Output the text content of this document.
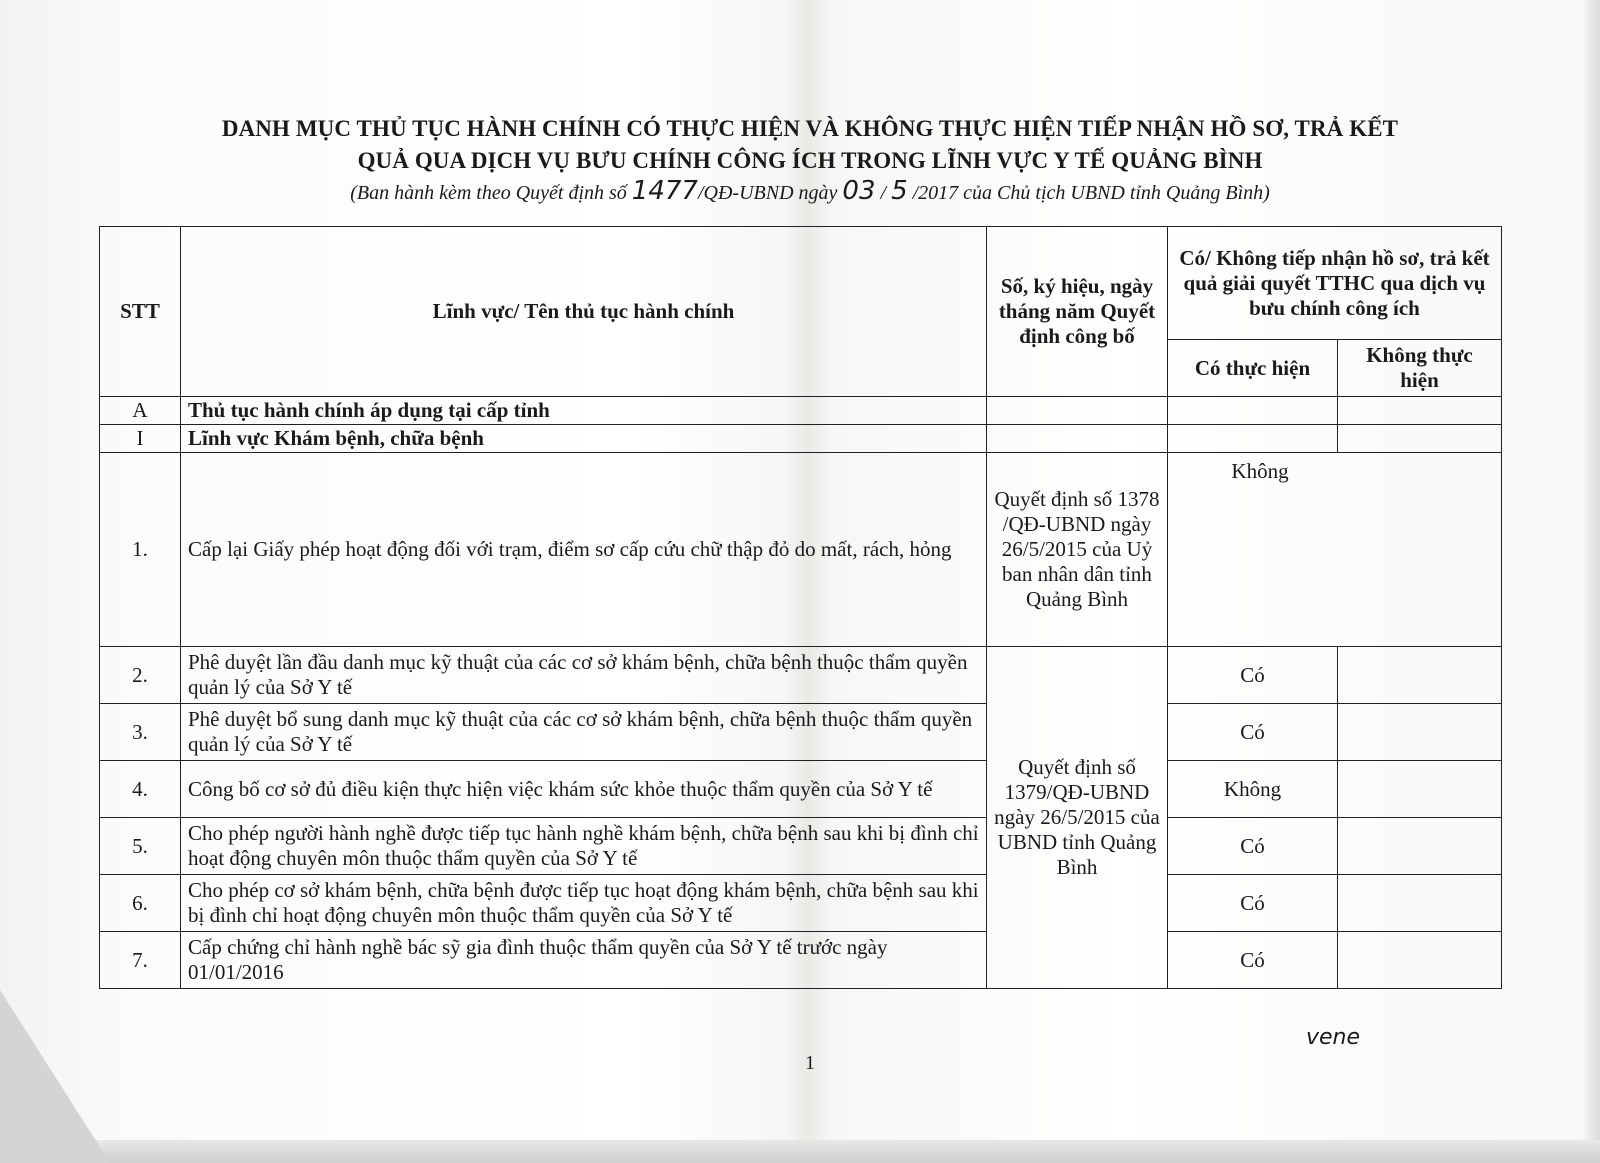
DANH MỤC THỦ TỤC HÀNH CHÍNH CÓ THỰC HIỆN VÀ KHÔNG THỰC HIỆN TIẾP NHẬN HỒ SƠ, TRẢ KẾT
QUẢ QUA DỊCH VỤ BƯU CHÍNH CÔNG ÍCH TRONG LĨNH VỰC Y TẾ QUẢNG BÌNH
(Ban hành kèm theo Quyết định số 1477/QĐ-UBND ngày 03 / 5 /2017 của Chủ tịch UBND tỉnh Quảng Bình)
STT	Lĩnh vực/ Tên thủ tục hành chính	Số, ký hiệu, ngày tháng năm Quyết định công bố	Có/ Không tiếp nhận hồ sơ, trả kết quả giải quyết TTHC qua dịch vụ bưu chính công ích	
			Có thực hiện	Không thực hiện
A	Thủ tục hành chính áp dụng tại cấp tỉnh			
I	Lĩnh vực Khám bệnh, chữa bệnh			
1.	Cấp lại Giấy phép hoạt động đối với trạm, điểm sơ cấp cứu chữ thập đỏ do mất, rách, hỏng	Quyết định số 1378 /QĐ-UBND ngày 26/5/2015 của Uỷ ban nhân dân tỉnh Quảng Bình	Không	

2.	Phê duyệt lần đầu danh mục kỹ thuật của các cơ sở khám bệnh, chữa bệnh thuộc thẩm quyền quản lý của Sở Y tế	Quyết định số 1379/QĐ-UBND ngày 26/5/2015 của UBND tỉnh Quảng Bình	Có	
3.	Phê duyệt bổ sung danh mục kỹ thuật của các cơ sở khám bệnh, chữa bệnh thuộc thẩm quyền quản lý của Sở Y tế		Có	
4.	Công bố cơ sở đủ điều kiện thực hiện việc khám sức khỏe thuộc thẩm quyền của Sở Y tế		Không	
5.	Cho phép người hành nghề được tiếp tục hành nghề khám bệnh, chữa bệnh sau khi bị đình chỉ hoạt động chuyên môn thuộc thẩm quyền của Sở Y tế		Có	
6.	Cho phép cơ sở khám bệnh, chữa bệnh được tiếp tục hoạt động khám bệnh, chữa bệnh sau khi bị đình chỉ hoạt động chuyên môn thuộc thẩm quyền của Sở Y tế		Có	
7.	Cấp chứng chỉ hành nghề bác sỹ gia đình thuộc thẩm quyền của Sở Y tế trước ngày 01/01/2016		Có	
vene
1
